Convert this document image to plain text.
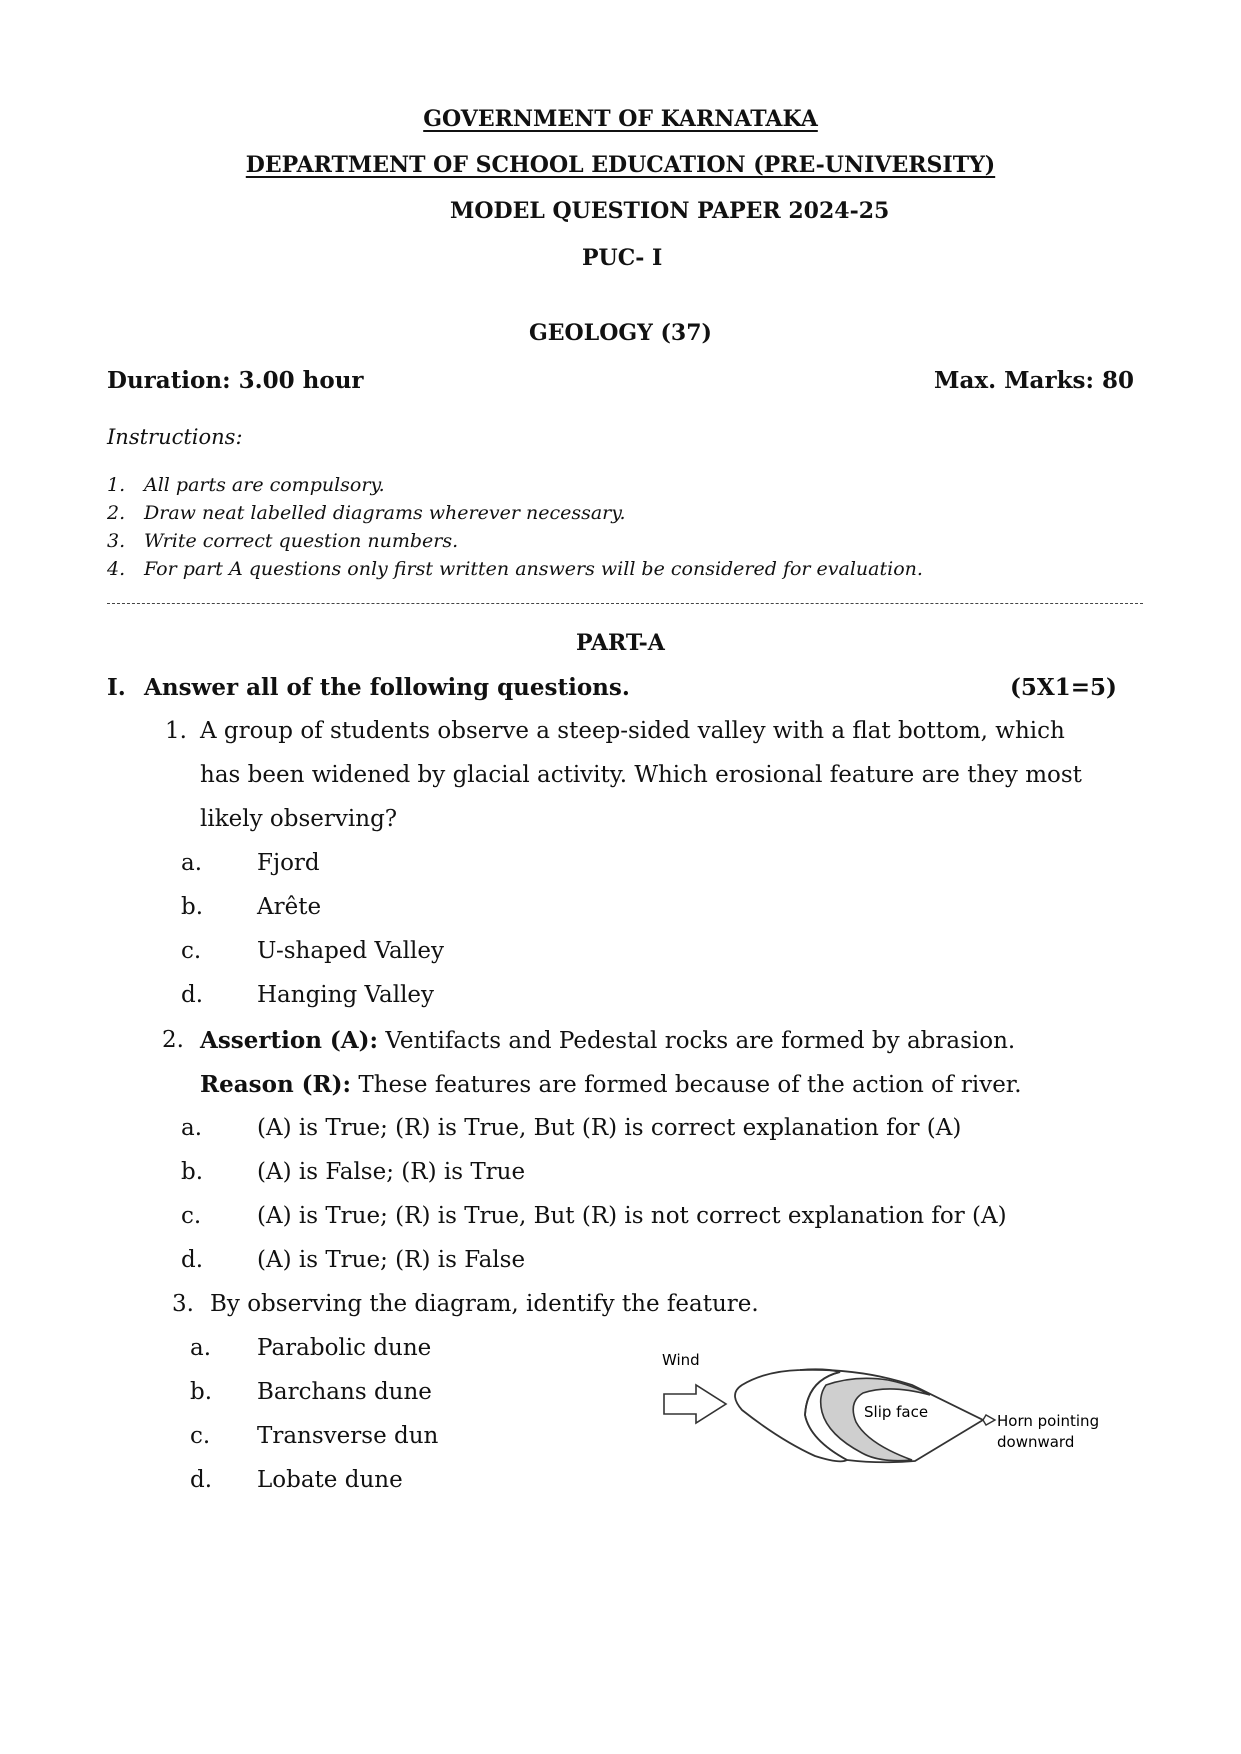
GOVERNMENT OF KARNATAKA
DEPARTMENT OF SCHOOL EDUCATION (PRE-UNIVERSITY)
MODEL QUESTION PAPER 2024-25
PUC- I
GEOLOGY (37)
Duration: 3.00 hour	Max. Marks: 80
Instructions:
1. All parts are compulsory.
2. Draw neat labelled diagrams wherever necessary.
3. Write correct question numbers.
4. For part A questions only first written answers will be considered for evaluation.
PART-A
I. Answer all of the following questions.	(5X1=5)
1. A group of students observe a steep-sided valley with a flat bottom, which
has been widened by glacial activity. Which erosional feature are they most
likely observing?
a. Fjord
b. Arête
c. U-shaped Valley
d. Hanging Valley
2. Assertion (A): Ventifacts and Pedestal rocks are formed by abrasion.
Reason (R): These features are formed because of the action of river.
a. (A) is True; (R) is True, But (R) is correct explanation for (A)
b. (A) is False; (R) is True
c. (A) is True; (R) is True, But (R) is not correct explanation for (A)
d. (A) is True; (R) is False
3. By observing the diagram, identify the feature.
a. Parabolic dune
b. Barchans dune
c. Transverse dun
d. Lobate dune
Wind
Slip face	Horn pointing
downward
